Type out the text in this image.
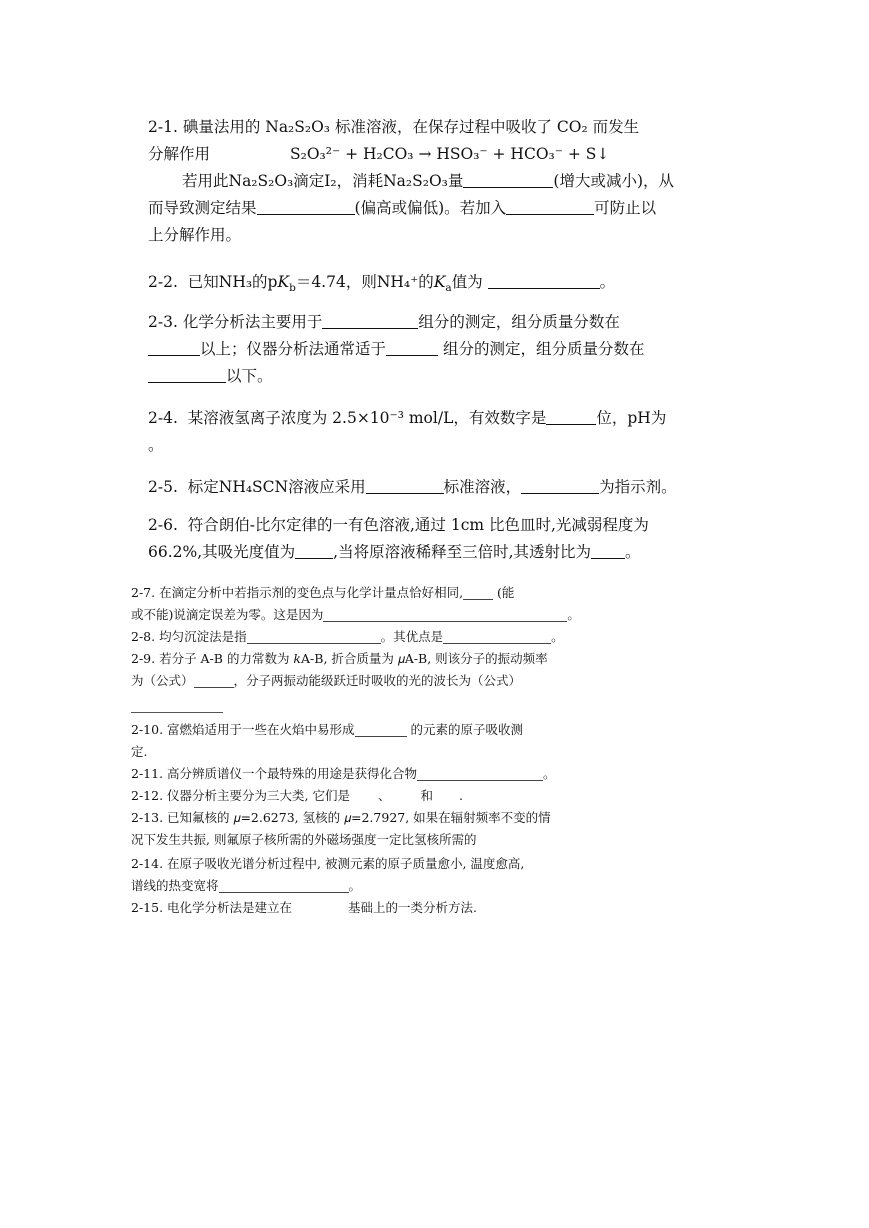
2-1. 碘量法用的 Na₂S₂O₃ 标准溶液，在保存过程中吸收了 CO₂ 而发生
分解作用	S₂O₃²⁻ + H₂CO₃ → HSO₃⁻ + HCO₃⁻ + S↓
若用此Na₂S₂O₃滴定I₂，消耗Na₂S₂O₃量	(增大或减小)，从
而导致测定结果	(偏高或偏低)。若加入	可防止以
上分解作用。
2-2. 已知NH₃的$pK_b=4.74$，则NH₄⁺的$K_a$值为	。
2-3. 化学分析法主要用于	组分的测定，组分质量分数在
以上；仪器分析法通常适于	组分的测定，组分质量分数在
以下。
2-4. 某溶液氢离子浓度为 2.5×10⁻³ mol/L，有效数字是	位，pH为
。
2-5. 标定NH₄SCN溶液应采用	标准溶液，	为指示剂。
2-6. 符合朗伯-比尔定律的一有色溶液,通过 1cm 比色皿时,光减弱程度为
66.2%,其吸光度值为 ,当将原溶液稀释至三倍时,其透射比为 。
2-7. 在滴定分析中若指示剂的变色点与化学计量点恰好相同,	(能
或不能)说滴定误差为零。这是因为	。
2-8. 均匀沉淀法是指	。其优点是	。
2-9. 若分子 A-B 的力常数为 𝑘A-B, 折合质量为 𝜇A-B, 则该分子的振动频率
为（公式）	，分子两振动能级跃迁时吸收的光的波长为（公式）
2-10. 富燃焰适用于一些在火焰中易形成	的元素的原子吸收测
定.
2-11. 高分辨质谱仪一个最特殊的用途是获得化合物	。
2-12. 仪器分析主要分为三大类, 它们是 、 和 .
2-13. 已知氟核的 𝜇=2.6273, 氢核的 𝜇=2.7927, 如果在辐射频率不变的情
况下发生共振, 则氟原子核所需的外磁场强度一定比氢核所需的
2-14. 在原子吸收光谱分析过程中, 被测元素的原子质量愈小, 温度愈高,
谱线的热变宽将	。
2-15. 电化学分析法是建立在	基础上的一类分析方法.
